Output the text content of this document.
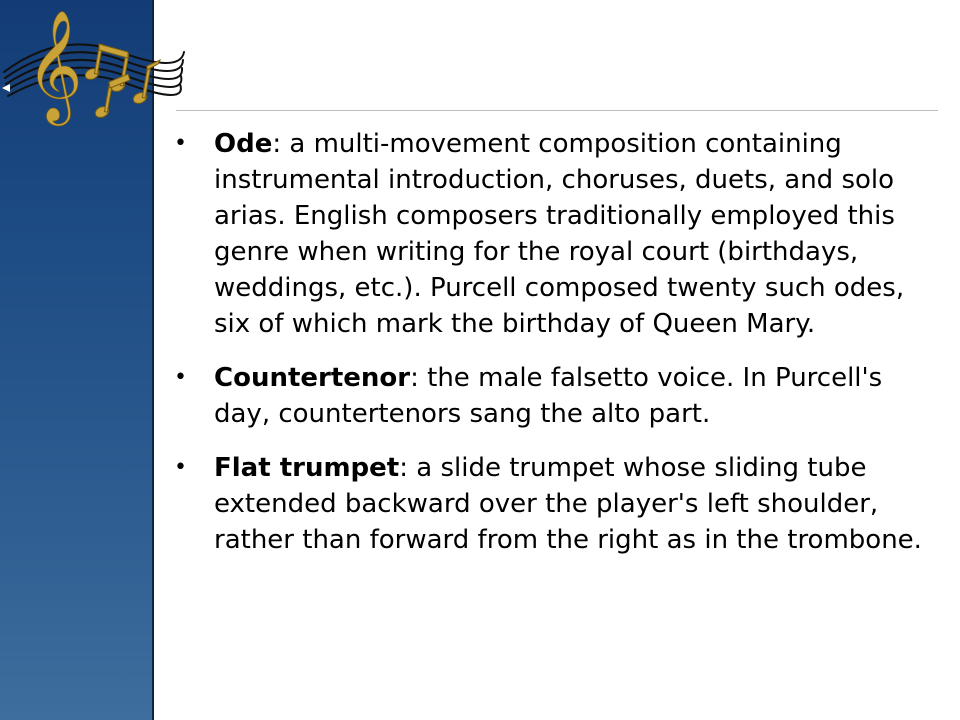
𝄞
•	Ode: a multi-movement composition containing instrumental introduction, choruses, duets, and solo arias. English composers traditionally employed this genre when writing for the royal court (birthdays, weddings, etc.). Purcell composed twenty such odes, six of which mark the birthday of Queen Mary.
•	Countertenor: the male falsetto voice. In Purcell's day, countertenors sang the alto part.
•	Flat trumpet: a slide trumpet whose sliding tube extended backward over the player's left shoulder, rather than forward from the right as in the trombone.
